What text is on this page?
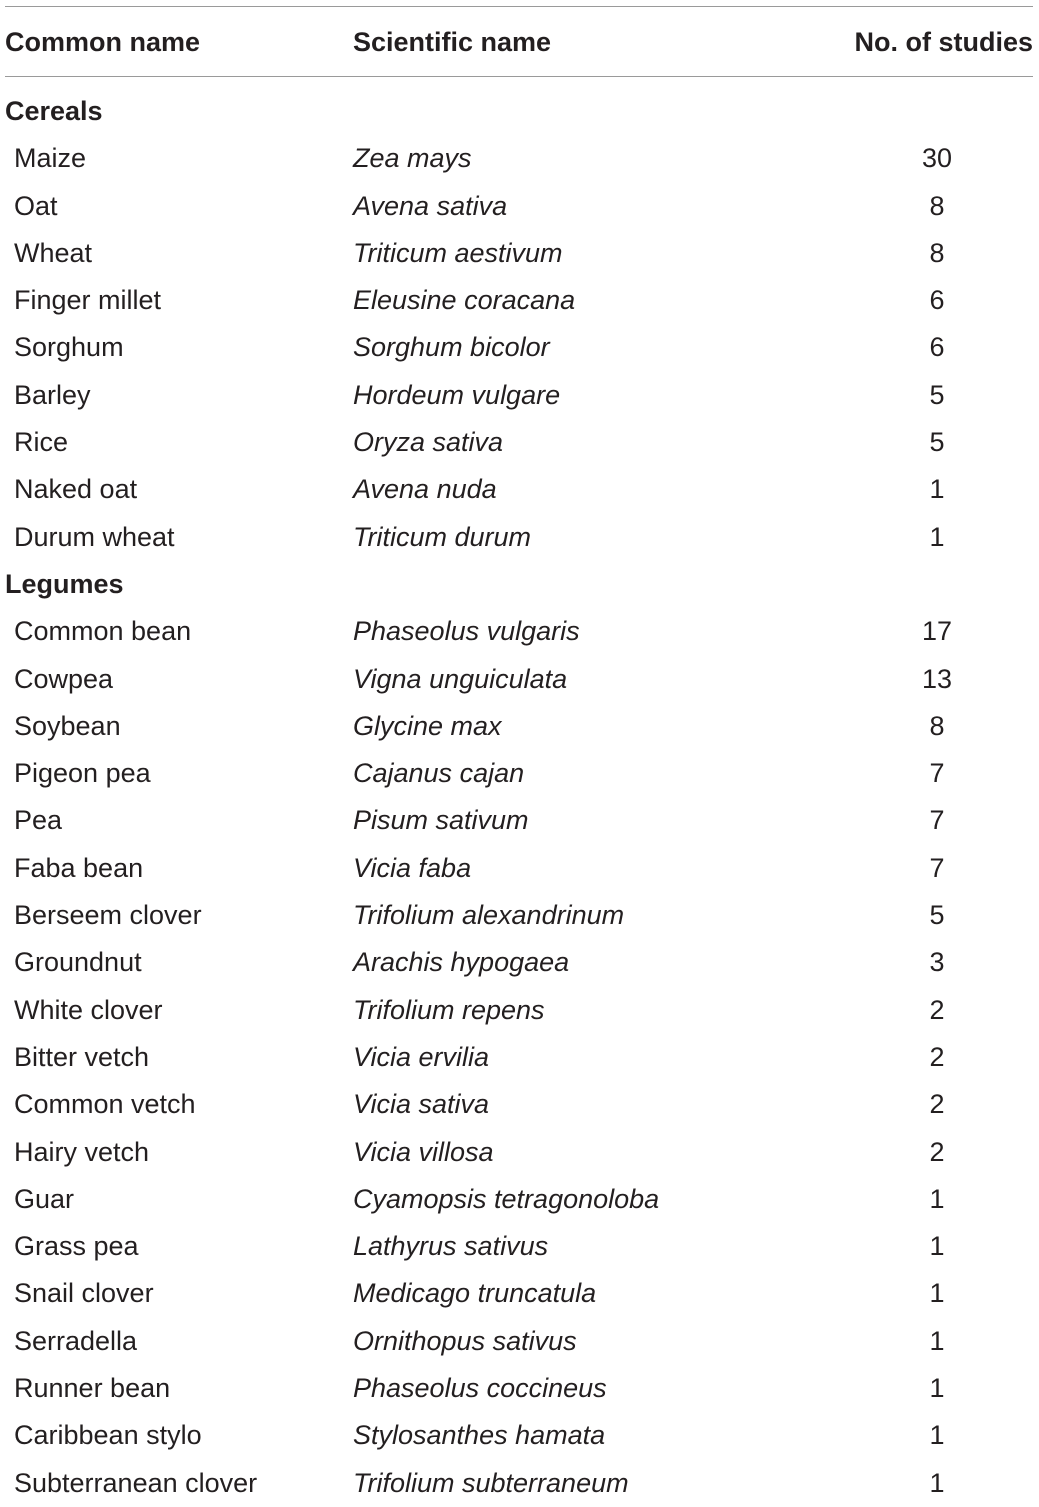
Common name	Scientific name	No. of studies
Cereals
Maize	Zea mays	30
Oat	Avena sativa	8
Wheat	Triticum aestivum	8
Finger millet	Eleusine coracana	6
Sorghum	Sorghum bicolor	6
Barley	Hordeum vulgare	5
Rice	Oryza sativa	5
Naked oat	Avena nuda	1
Durum wheat	Triticum durum	1
Legumes
Common bean	Phaseolus vulgaris	17
Cowpea	Vigna unguiculata	13
Soybean	Glycine max	8
Pigeon pea	Cajanus cajan	7
Pea	Pisum sativum	7
Faba bean	Vicia faba	7
Berseem clover	Trifolium alexandrinum	5
Groundnut	Arachis hypogaea	3
White clover	Trifolium repens	2
Bitter vetch	Vicia ervilia	2
Common vetch	Vicia sativa	2
Hairy vetch	Vicia villosa	2
Guar	Cyamopsis tetragonoloba	1
Grass pea	Lathyrus sativus	1
Snail clover	Medicago truncatula	1
Serradella	Ornithopus sativus	1
Runner bean	Phaseolus coccineus	1
Caribbean stylo	Stylosanthes hamata	1
Subterranean clover	Trifolium subterraneum	1
